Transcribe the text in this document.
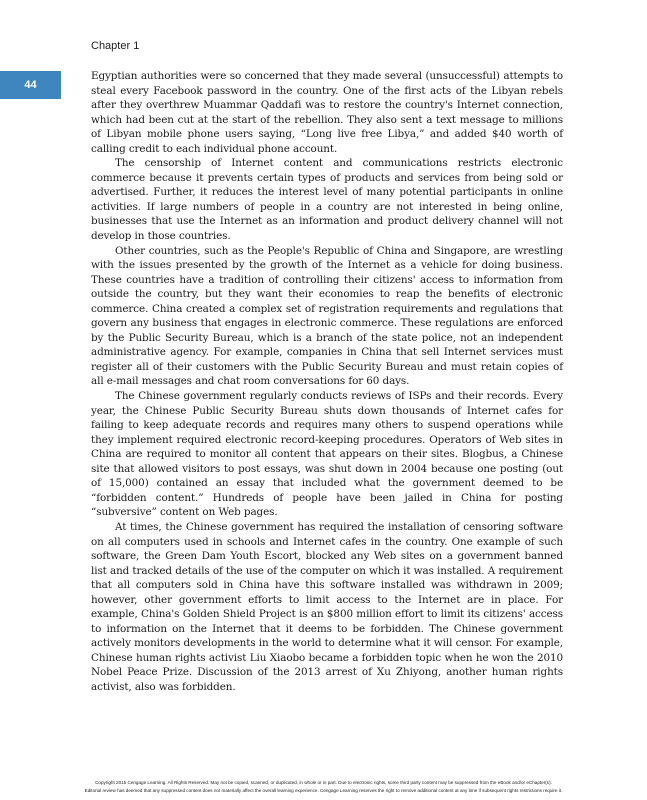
Chapter 1
44

Egyptian authorities were so concerned that they made several (unsuccessful) attempts to steal every Facebook password in the country. One of the first acts of the Libyan rebels after they overthrew Muammar Qaddafi was to restore the country's Internet connection, which had been cut at the start of the rebellion. They also sent a text message to millions of Libyan mobile phone users saying, “Long live free Libya,” and added $40 worth of calling credit to each individual phone account.

The censorship of Internet content and communications restricts electronic commerce because it prevents certain types of products and services from being sold or advertised. Further, it reduces the interest level of many potential participants in online activities. If large numbers of people in a country are not interested in being online, businesses that use the Internet as an information and product delivery channel will not develop in those countries.

Other countries, such as the People's Republic of China and Singapore, are wrestling with the issues presented by the growth of the Internet as a vehicle for doing business. These countries have a tradition of controlling their citizens' access to information from outside the country, but they want their economies to reap the benefits of electronic commerce. China created a complex set of registration requirements and regulations that govern any business that engages in electronic commerce. These regulations are enforced by the Public Security Bureau, which is a branch of the state police, not an independent administrative agency. For example, companies in China that sell Internet services must register all of their customers with the Public Security Bureau and must retain copies of all e-mail messages and chat room conversations for 60 days.

The Chinese government regularly conducts reviews of ISPs and their records. Every year, the Chinese Public Security Bureau shuts down thousands of Internet cafes for failing to keep adequate records and requires many others to suspend operations while they implement required electronic record-keeping procedures. Operators of Web sites in China are required to monitor all content that appears on their sites. Blogbus, a Chinese site that allowed visitors to post essays, was shut down in 2004 because one posting (out of 15,000) contained an essay that included what the government deemed to be “forbidden content.” Hundreds of people have been jailed in China for posting “subversive” content on Web pages.

At times, the Chinese government has required the installation of censoring software on all computers used in schools and Internet cafes in the country. One example of such software, the Green Dam Youth Escort, blocked any Web sites on a government banned list and tracked details of the use of the computer on which it was installed. A requirement that all computers sold in China have this software installed was withdrawn in 2009; however, other government efforts to limit access to the Internet are in place. For example, China's Golden Shield Project is an $800 million effort to limit its citizens' access to information on the Internet that it deems to be forbidden. The Chinese government actively monitors developments in the world to determine what it will censor. For example, Chinese human rights activist Liu Xiaobo became a forbidden topic when he won the 2010 Nobel Peace Prize. Discussion of the 2013 arrest of Xu Zhiyong, another human rights activist, also was forbidden.

Copyright 2015 Cengage Learning. All Rights Reserved. May not be copied, scanned, or duplicated, in whole or in part. Due to electronic rights, some third party content may be suppressed from the eBook and/or eChapter(s).
Editorial review has deemed that any suppressed content does not materially affect the overall learning experience. Cengage Learning reserves the right to remove additional content at any time if subsequent rights restrictions require it.
